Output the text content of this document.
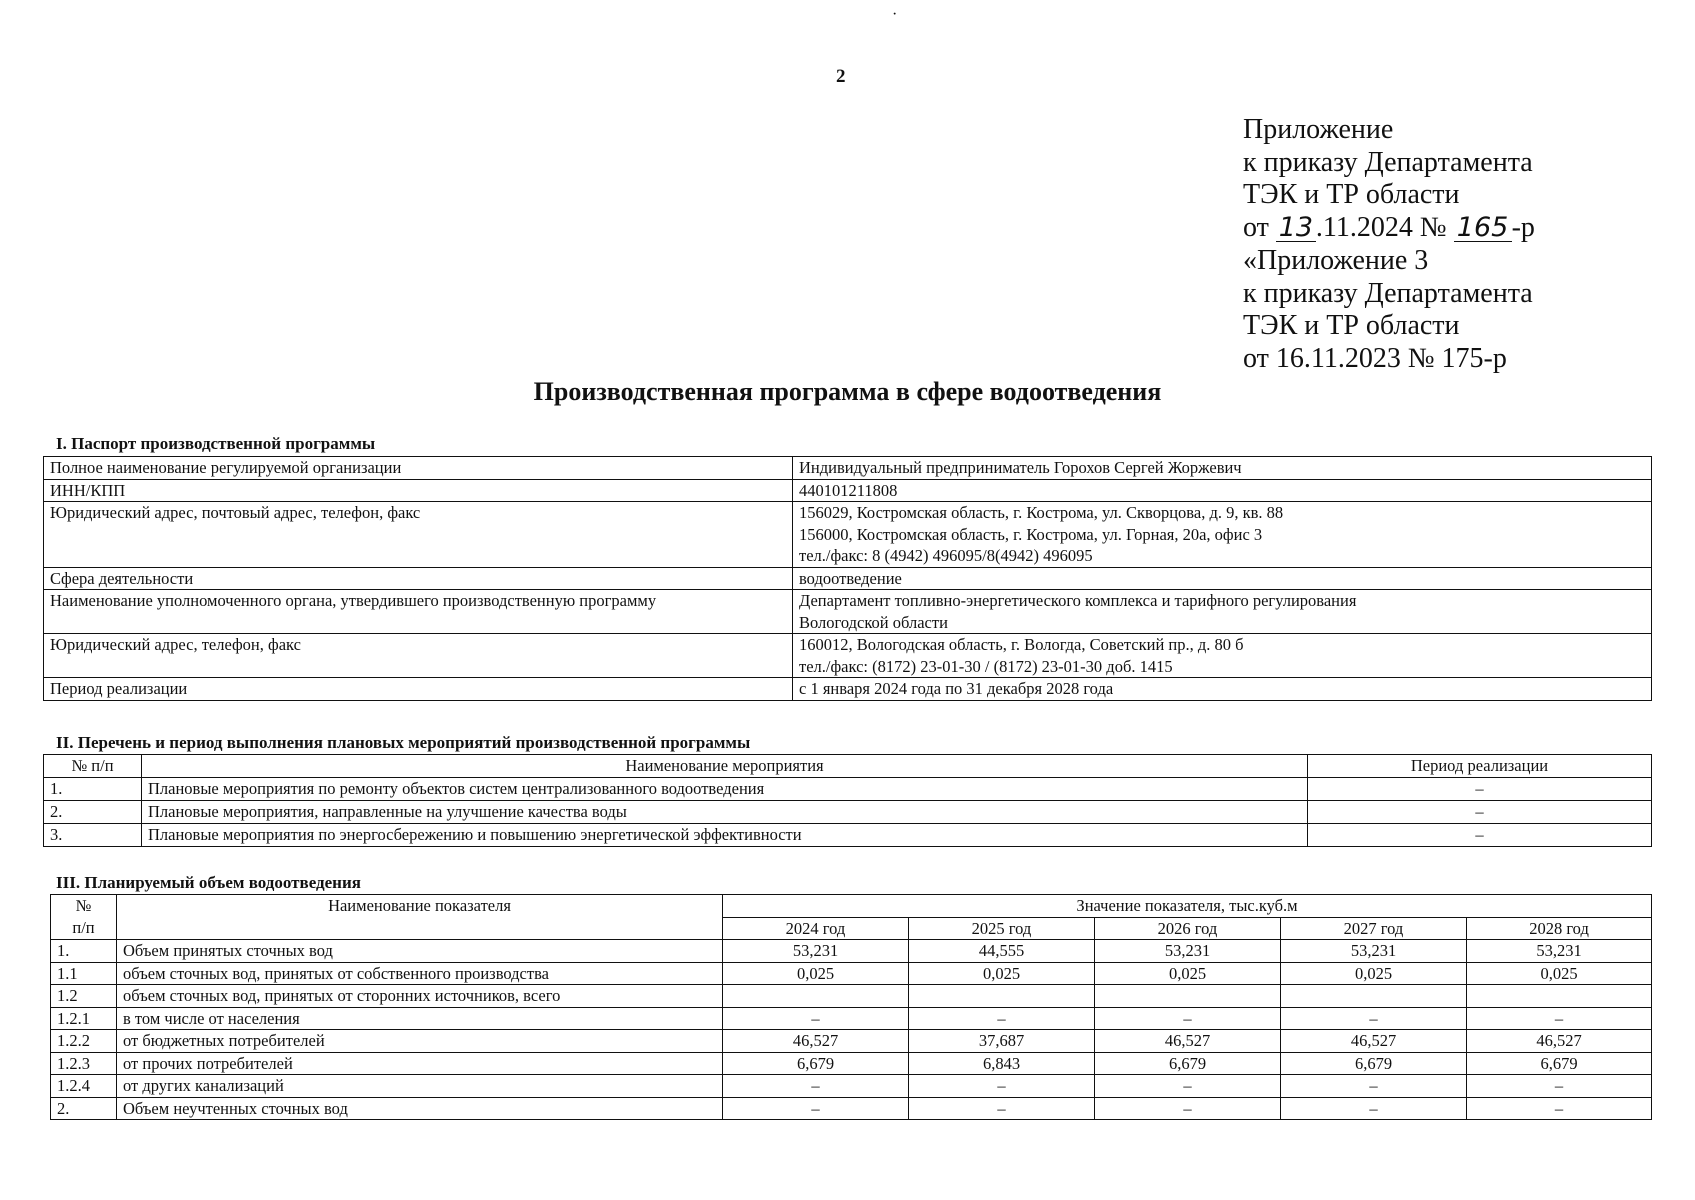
·
2
Приложение
к приказу Департамента
ТЭК и ТР области
от 13 .11.2024 № 165 -р
«Приложение 3
к приказу Департамента
ТЭК и ТР области
от 16.11.2023 № 175-р
Производственная программа в сфере водоотведения
I. Паспорт производственной программы
Полное наименование регулируемой организации	Индивидуальный предприниматель Горохов Сергей Жоржевич

ИНН/КПП	440101211808

Юридический адрес, почтовый адрес, телефон, факс	156029, Костромская область, г. Кострома, ул. Скворцова, д. 9, кв. 88
156000, Костромская область, г. Кострома, ул. Горная, 20а, офис 3
тел./факс: 8 (4942) 496095/8(4942) 496095

Сфера деятельности	водоотведение

Наименование уполномоченного органа, утвердившего производственную программу	Департамент топливно-энергетического комплекса и тарифного регулирования
Вологодской области

Юридический адрес, телефон, факс	160012, Вологодская область, г. Вологда, Советский пр., д. 80 б
тел./факс: (8172) 23-01-30 / (8172) 23-01-30 доб. 1415

Период реализации	с 1 января 2024 года по 31 декабря 2028 года
II. Перечень и период выполнения плановых мероприятий производственной программы
№ п/п	Наименование мероприятия	Период реализации
1.	Плановые мероприятия по ремонту объектов систем централизованного водоотведения	–
2.	Плановые мероприятия, направленные на улучшение качества воды	–
3.	Плановые мероприятия по энергосбережению и повышению энергетической эффективности	–
III. Планируемый объем водоотведения
№
п/п	Наименование показателя	Значение показателя, тыс.куб.м				
		2024 год	2025 год	2026 год	2027 год	2028 год
1.	Объем принятых сточных вод	53,231	44,555	53,231	53,231	53,231
1.1	объем сточных вод, принятых от собственного производства	0,025	0,025	0,025	0,025	0,025
1.2	объем сточных вод, принятых от сторонних источников, всего					
1.2.1	в том числе от населения	–	–	–	–	–
1.2.2	от бюджетных потребителей	46,527	37,687	46,527	46,527	46,527
1.2.3	от прочих потребителей	6,679	6,843	6,679	6,679	6,679
1.2.4	от других канализаций	–	–	–	–	–
2.	Объем неучтенных сточных вод	–	–	–	–	–
